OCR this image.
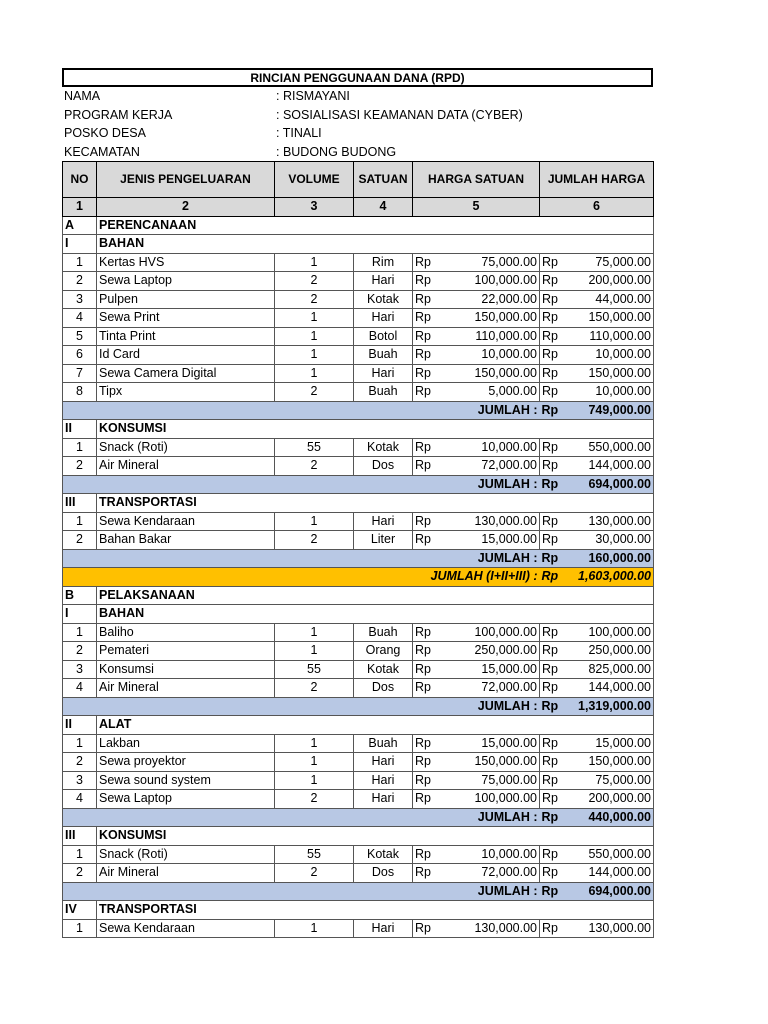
RINCIAN PENGGUNAAN DANA (RPD)
NAMA	: RISMAYANI
PROGRAM KERJA	: SOSIALISASI KEAMANAN DATA (CYBER)
POSKO DESA	: TINALI
KECAMATAN	: BUDONG BUDONG
NO	JENIS PENGELUARAN	VOLUME	SATUAN	HARGA SATUAN		JUMLAH HARGA	
1	2	3	4	5		6	
A	PERENCANAAN						
I	BAHAN						
1	Kertas HVS	1	Rim	Rp	75,000.00	Rp	75,000.00
2	Sewa Laptop	2	Hari	Rp	100,000.00	Rp	200,000.00
3	Pulpen	2	Kotak	Rp	22,000.00	Rp	44,000.00
4	Sewa Print	1	Hari	Rp	150,000.00	Rp	150,000.00
5	Tinta Print	1	Botol	Rp	110,000.00	Rp	110,000.00
6	Id Card	1	Buah	Rp	10,000.00	Rp	10,000.00
7	Sewa Camera Digital	1	Hari	Rp	150,000.00	Rp	150,000.00
8	Tipx	2	Buah	Rp	5,000.00	Rp	10,000.00
JUMLAH :						Rp	749,000.00
II	KONSUMSI						
1	Snack (Roti)	55	Kotak	Rp	10,000.00	Rp	550,000.00
2	Air Mineral	2	Dos	Rp	72,000.00	Rp	144,000.00
JUMLAH :						Rp	694,000.00
III	TRANSPORTASI						
1	Sewa Kendaraan	1	Hari	Rp	130,000.00	Rp	130,000.00
2	Bahan Bakar	2	Liter	Rp	15,000.00	Rp	30,000.00
JUMLAH :						Rp	160,000.00
JUMLAH (I+II+III) :						Rp	1,603,000.00
B	PELAKSANAAN						
I	BAHAN						
1	Baliho	1	Buah	Rp	100,000.00	Rp	100,000.00
2	Pemateri	1	Orang	Rp	250,000.00	Rp	250,000.00
3	Konsumsi	55	Kotak	Rp	15,000.00	Rp	825,000.00
4	Air Mineral	2	Dos	Rp	72,000.00	Rp	144,000.00
JUMLAH :						Rp	1,319,000.00
II	ALAT						
1	Lakban	1	Buah	Rp	15,000.00	Rp	15,000.00
2	Sewa proyektor	1	Hari	Rp	150,000.00	Rp	150,000.00
3	Sewa sound system	1	Hari	Rp	75,000.00	Rp	75,000.00
4	Sewa Laptop	2	Hari	Rp	100,000.00	Rp	200,000.00
JUMLAH :						Rp	440,000.00
III	KONSUMSI						
1	Snack (Roti)	55	Kotak	Rp	10,000.00	Rp	550,000.00
2	Air Mineral	2	Dos	Rp	72,000.00	Rp	144,000.00
JUMLAH :						Rp	694,000.00
IV	TRANSPORTASI						
1	Sewa Kendaraan	1	Hari	Rp	130,000.00	Rp	130,000.00
